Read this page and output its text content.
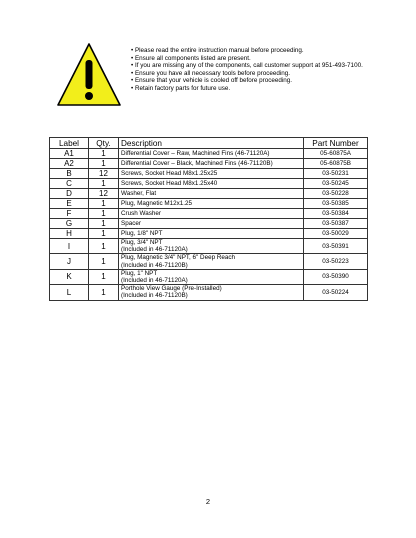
• Please read the entire instruction manual before proceeding.
• Ensure all components listed are present.
• If you are missing any of the components, call customer support at 951-493-7100.
• Ensure you have all necessary tools before proceeding.
• Ensure that your vehicle is cooled off before proceeding.
• Retain factory parts for future use.
Label	Qty.	Description	Part Number
A1	1	Differential Cover – Raw, Machined Fins (46-71120A)	05-60875A
A2	1	Differential Cover – Black, Machined Fins (46-71120B)	05-60875B
B	12	Screws, Socket Head M8x1.25x25	03-50231
C	1	Screws, Socket Head M8x1.25x40	03-50245
D	12	Washer, Flat	03-50228
E	1	Plug, Magnetic M12x1.25	03-50385
F	1	Crush Washer	03-50384
G	1	Spacer	03-50387
H	1	Plug, 1/8" NPT	03-50029
I	1	Plug, 3/4" NPT
(Included in 46-71120A)	03-50391
J	1	Plug, Magnetic 3/4" NPT, 6" Deep Reach
(Included in 46-71120B)	03-50223
K	1	Plug, 1" NPT
(Included in 46-71120A)	03-50390
L	1	Porthole View Gauge (Pre-Installed)
(Included in 46-71120B)	03-50224
2
